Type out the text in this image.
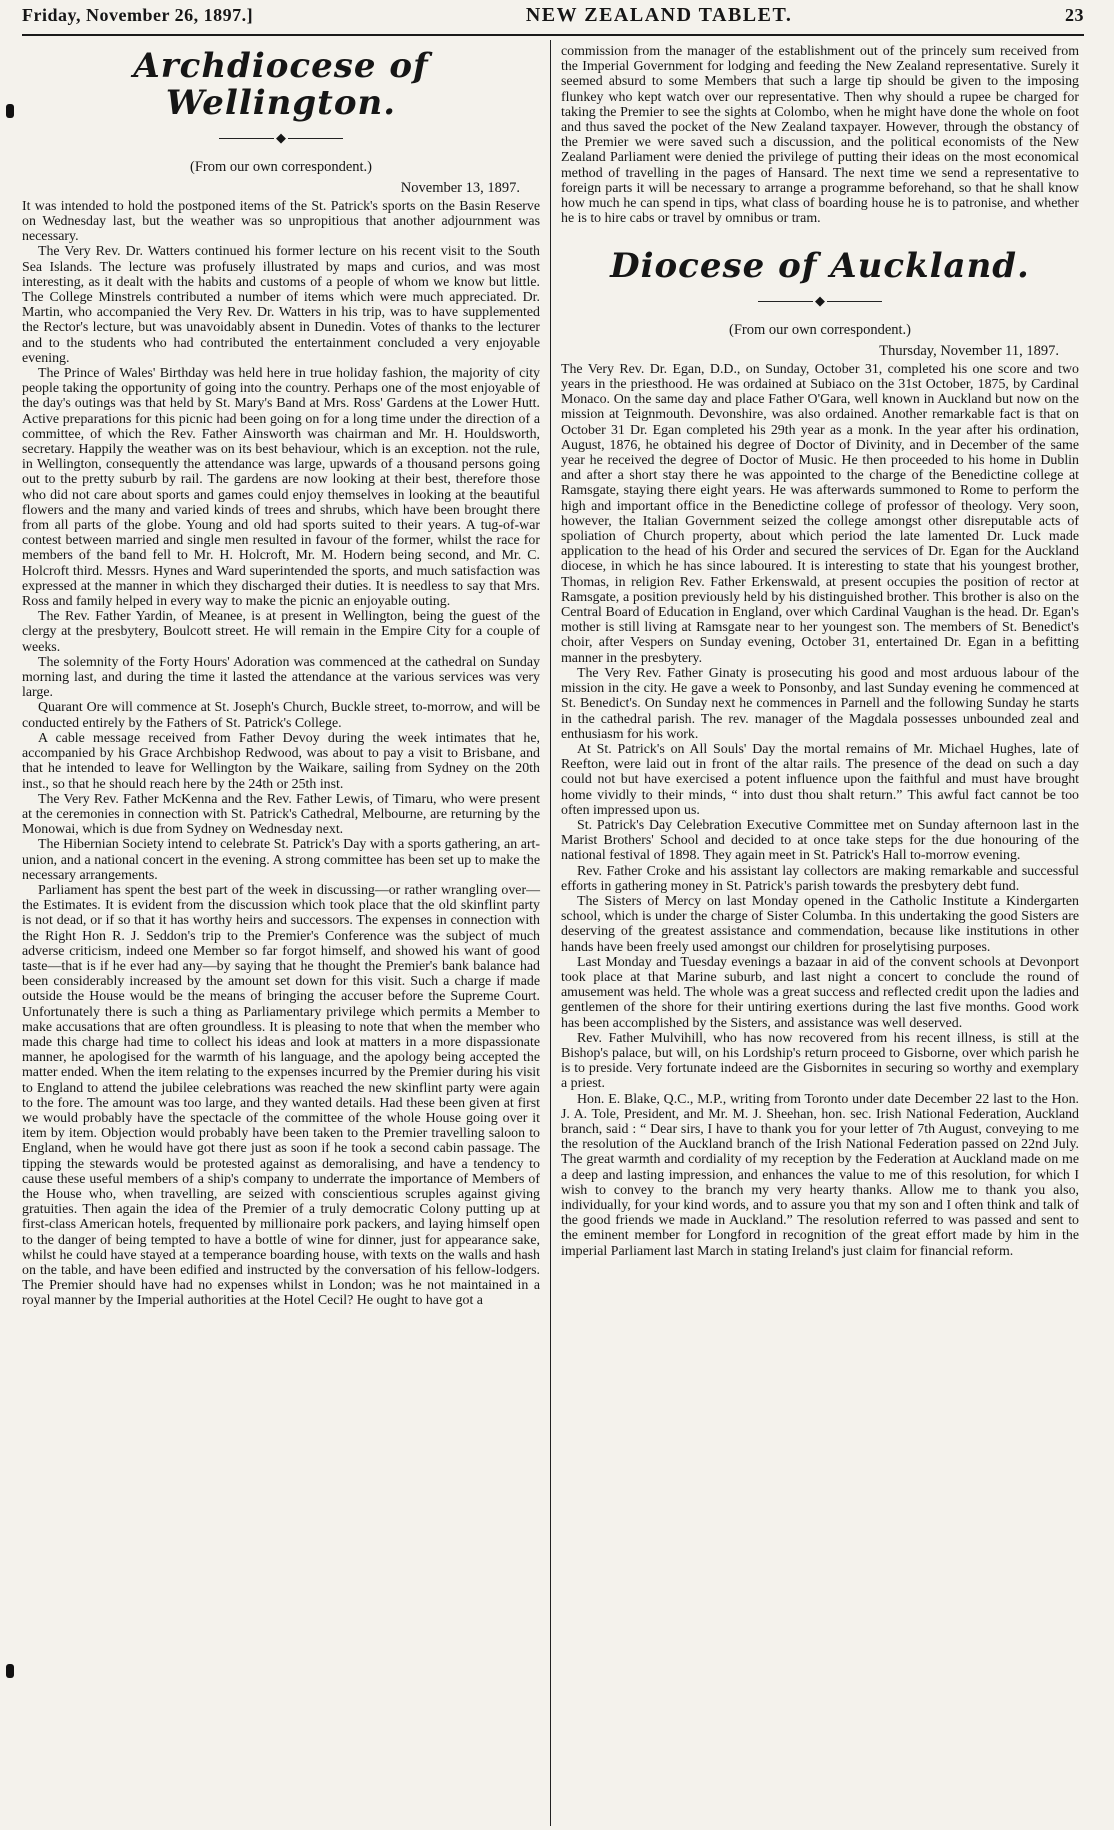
Friday, November 26, 1897.]	NEW ZEALAND TABLET.	23
Archdiocese of Wellington.
◆
(From our own correspondent.)
November 13, 1897.

It was intended to hold the postponed items of the St. Patrick's sports on the Basin Reserve on Wednesday last, but the weather was so unpropitious that another adjournment was necessary.

The Very Rev. Dr. Watters continued his former lecture on his recent visit to the South Sea Islands. The lecture was profusely illustrated by maps and curios, and was most interesting, as it dealt with the habits and customs of a people of whom we know but little. The College Minstrels contributed a number of items which were much appreciated. Dr. Martin, who accompanied the Very Rev. Dr. Watters in his trip, was to have supplemented the Rector's lecture, but was unavoidably absent in Dunedin. Votes of thanks to the lecturer and to the students who had contributed the entertainment concluded a very enjoyable evening.

The Prince of Wales' Birthday was held here in true holiday fashion, the majority of city people taking the opportunity of going into the country. Perhaps one of the most enjoyable of the day's outings was that held by St. Mary's Band at Mrs. Ross' Gardens at the Lower Hutt. Active preparations for this picnic had been going on for a long time under the direction of a committee, of which the Rev. Father Ainsworth was chairman and Mr. H. Houldsworth, secretary. Happily the weather was on its best behaviour, which is an exception. not the rule, in Wellington, consequently the attendance was large, upwards of a thousand persons going out to the pretty suburb by rail. The gardens are now looking at their best, therefore those who did not care about sports and games could enjoy themselves in looking at the beautiful flowers and the many and varied kinds of trees and shrubs, which have been brought there from all parts of the globe. Young and old had sports suited to their years. A tug-of-war contest between married and single men resulted in favour of the former, whilst the race for members of the band fell to Mr. H. Holcroft, Mr. M. Hodern being second, and Mr. C. Holcroft third. Messrs. Hynes and Ward superintended the sports, and much satisfaction was expressed at the manner in which they discharged their duties. It is needless to say that Mrs. Ross and family helped in every way to make the picnic an enjoyable outing.

The Rev. Father Yardin, of Meanee, is at present in Wellington, being the guest of the clergy at the presbytery, Boulcott street. He will remain in the Empire City for a couple of weeks.

The solemnity of the Forty Hours' Adoration was commenced at the cathedral on Sunday morning last, and during the time it lasted the attendance at the various services was very large.

Quarant Ore will commence at St. Joseph's Church, Buckle street, to-morrow, and will be conducted entirely by the Fathers of St. Patrick's College.

A cable message received from Father Devoy during the week intimates that he, accompanied by his Grace Archbishop Redwood, was about to pay a visit to Brisbane, and that he intended to leave for Wellington by the Waikare, sailing from Sydney on the 20th inst., so that he should reach here by the 24th or 25th inst.

The Very Rev. Father McKenna and the Rev. Father Lewis, of Timaru, who were present at the ceremonies in connection with St. Patrick's Cathedral, Melbourne, are returning by the Monowai, which is due from Sydney on Wednesday next.

The Hibernian Society intend to celebrate St. Patrick's Day with a sports gathering, an art-union, and a national concert in the evening. A strong committee has been set up to make the necessary arrangements.

Parliament has spent the best part of the week in discussing—or rather wrangling over—the Estimates. It is evident from the discussion which took place that the old skinflint party is not dead, or if so that it has worthy heirs and successors. The expenses in connection with the Right Hon R. J. Seddon's trip to the Premier's Conference was the subject of much adverse criticism, indeed one Member so far forgot himself, and showed his want of good taste—that is if he ever had any—by saying that he thought the Premier's bank balance had been considerably increased by the amount set down for this visit. Such a charge if made outside the House would be the means of bringing the accuser before the Supreme Court. Unfortunately there is such a thing as Parliamentary privilege which permits a Member to make accusations that are often groundless. It is pleasing to note that when the member who made this charge had time to collect his ideas and look at matters in a more dispassionate manner, he apologised for the warmth of his language, and the apology being accepted the matter ended. When the item relating to the expenses incurred by the Premier during his visit to England to attend the jubilee celebrations was reached the new skinflint party were again to the fore. The amount was too large, and they wanted details. Had these been given at first we would probably have the spectacle of the committee of the whole House going over it item by item. Objection would probably have been taken to the Premier travelling saloon to England, when he would have got there just as soon if he took a second cabin passage. The tipping the stewards would be protested against as demoralising, and have a tendency to cause these useful members of a ship's company to underrate the importance of Members of the House who, when travelling, are seized with conscientious scruples against giving gratuities. Then again the idea of the Premier of a truly democratic Colony putting up at first-class American hotels, frequented by millionaire pork packers, and laying himself open to the danger of being tempted to have a bottle of wine for dinner, just for appearance sake, whilst he could have stayed at a temperance boarding house, with texts on the walls and hash on the table, and have been edified and instructed by the conversation of his fellow-lodgers. The Premier should have had no expenses whilst in London; was he not maintained in a royal manner by the Imperial authorities at the Hotel Cecil? He ought to have got a

commission from the manager of the establishment out of the princely sum received from the Imperial Government for lodging and feeding the New Zealand representative. Surely it seemed absurd to some Members that such a large tip should be given to the imposing flunkey who kept watch over our representative. Then why should a rupee be charged for taking the Premier to see the sights at Colombo, when he might have done the whole on foot and thus saved the pocket of the New Zealand taxpayer. However, through the obstancy of the Premier we were saved such a discussion, and the political economists of the New Zealand Parliament were denied the privilege of putting their ideas on the most economical method of travelling in the pages of Hansard. The next time we send a representative to foreign parts it will be necessary to arrange a programme beforehand, so that he shall know how much he can spend in tips, what class of boarding house he is to patronise, and whether he is to hire cabs or travel by omnibus or tram.

Diocese of Auckland.
◆
(From our own correspondent.)
Thursday, November 11, 1897.

The Very Rev. Dr. Egan, D.D., on Sunday, October 31, completed his one score and two years in the priesthood. He was ordained at Subiaco on the 31st October, 1875, by Cardinal Monaco. On the same day and place Father O'Gara, well known in Auckland but now on the mission at Teignmouth. Devonshire, was also ordained. Another remarkable fact is that on October 31 Dr. Egan completed his 29th year as a monk. In the year after his ordination, August, 1876, he obtained his degree of Doctor of Divinity, and in December of the same year he received the degree of Doctor of Music. He then proceeded to his home in Dublin and after a short stay there he was appointed to the charge of the Benedictine college at Ramsgate, staying there eight years. He was afterwards summoned to Rome to perform the high and important office in the Benedictine college of professor of theology. Very soon, however, the Italian Government seized the college amongst other disreputable acts of spoliation of Church property, about which period the late lamented Dr. Luck made application to the head of his Order and secured the services of Dr. Egan for the Auckland diocese, in which he has since laboured. It is interesting to state that his youngest brother, Thomas, in religion Rev. Father Erkenswald, at present occupies the position of rector at Ramsgate, a position previously held by his distinguished brother. This brother is also on the Central Board of Education in England, over which Cardinal Vaughan is the head. Dr. Egan's mother is still living at Ramsgate near to her youngest son. The members of St. Benedict's choir, after Vespers on Sunday evening, October 31, entertained Dr. Egan in a befitting manner in the presbytery.

The Very Rev. Father Ginaty is prosecuting his good and most arduous labour of the mission in the city. He gave a week to Ponsonby, and last Sunday evening he commenced at St. Benedict's. On Sunday next he commences in Parnell and the following Sunday he starts in the cathedral parish. The rev. manager of the Magdala possesses unbounded zeal and enthusiasm for his work.

At St. Patrick's on All Souls' Day the mortal remains of Mr. Michael Hughes, late of Reefton, were laid out in front of the altar rails. The presence of the dead on such a day could not but have exercised a potent influence upon the faithful and must have brought home vividly to their minds, “ into dust thou shalt return.” This awful fact cannot be too often impressed upon us.

St. Patrick's Day Celebration Executive Committee met on Sunday afternoon last in the Marist Brothers' School and decided to at once take steps for the due honouring of the national festival of 1898. They again meet in St. Patrick's Hall to-morrow evening.

Rev. Father Croke and his assistant lay collectors are making remarkable and successful efforts in gathering money in St. Patrick's parish towards the presbytery debt fund.

The Sisters of Mercy on last Monday opened in the Catholic Institute a Kindergarten school, which is under the charge of Sister Columba. In this undertaking the good Sisters are deserving of the greatest assistance and commendation, because like institutions in other hands have been freely used amongst our children for proselytising purposes.

Last Monday and Tuesday evenings a bazaar in aid of the convent schools at Devonport took place at that Marine suburb, and last night a concert to conclude the round of amusement was held. The whole was a great success and reflected credit upon the ladies and gentlemen of the shore for their untiring exertions during the last five months. Good work has been accomplished by the Sisters, and assistance was well deserved.

Rev. Father Mulvihill, who has now recovered from his recent illness, is still at the Bishop's palace, but will, on his Lordship's return proceed to Gisborne, over which parish he is to preside. Very fortunate indeed are the Gisbornites in securing so worthy and exemplary a priest.

Hon. E. Blake, Q.C., M.P., writing from Toronto under date December 22 last to the Hon. J. A. Tole, President, and Mr. M. J. Sheehan, hon. sec. Irish National Federation, Auckland branch, said : “ Dear sirs, I have to thank you for your letter of 7th August, conveying to me the resolution of the Auckland branch of the Irish National Federation passed on 22nd July. The great warmth and cordiality of my reception by the Federation at Auckland made on me a deep and lasting impression, and enhances the value to me of this resolution, for which I wish to convey to the branch my very hearty thanks. Allow me to thank you also, individually, for your kind words, and to assure you that my son and I often think and talk of the good friends we made in Auckland.” The resolution referred to was passed and sent to the eminent member for Longford in recognition of the great effort made by him in the imperial Parliament last March in stating Ireland's just claim for financial reform.
